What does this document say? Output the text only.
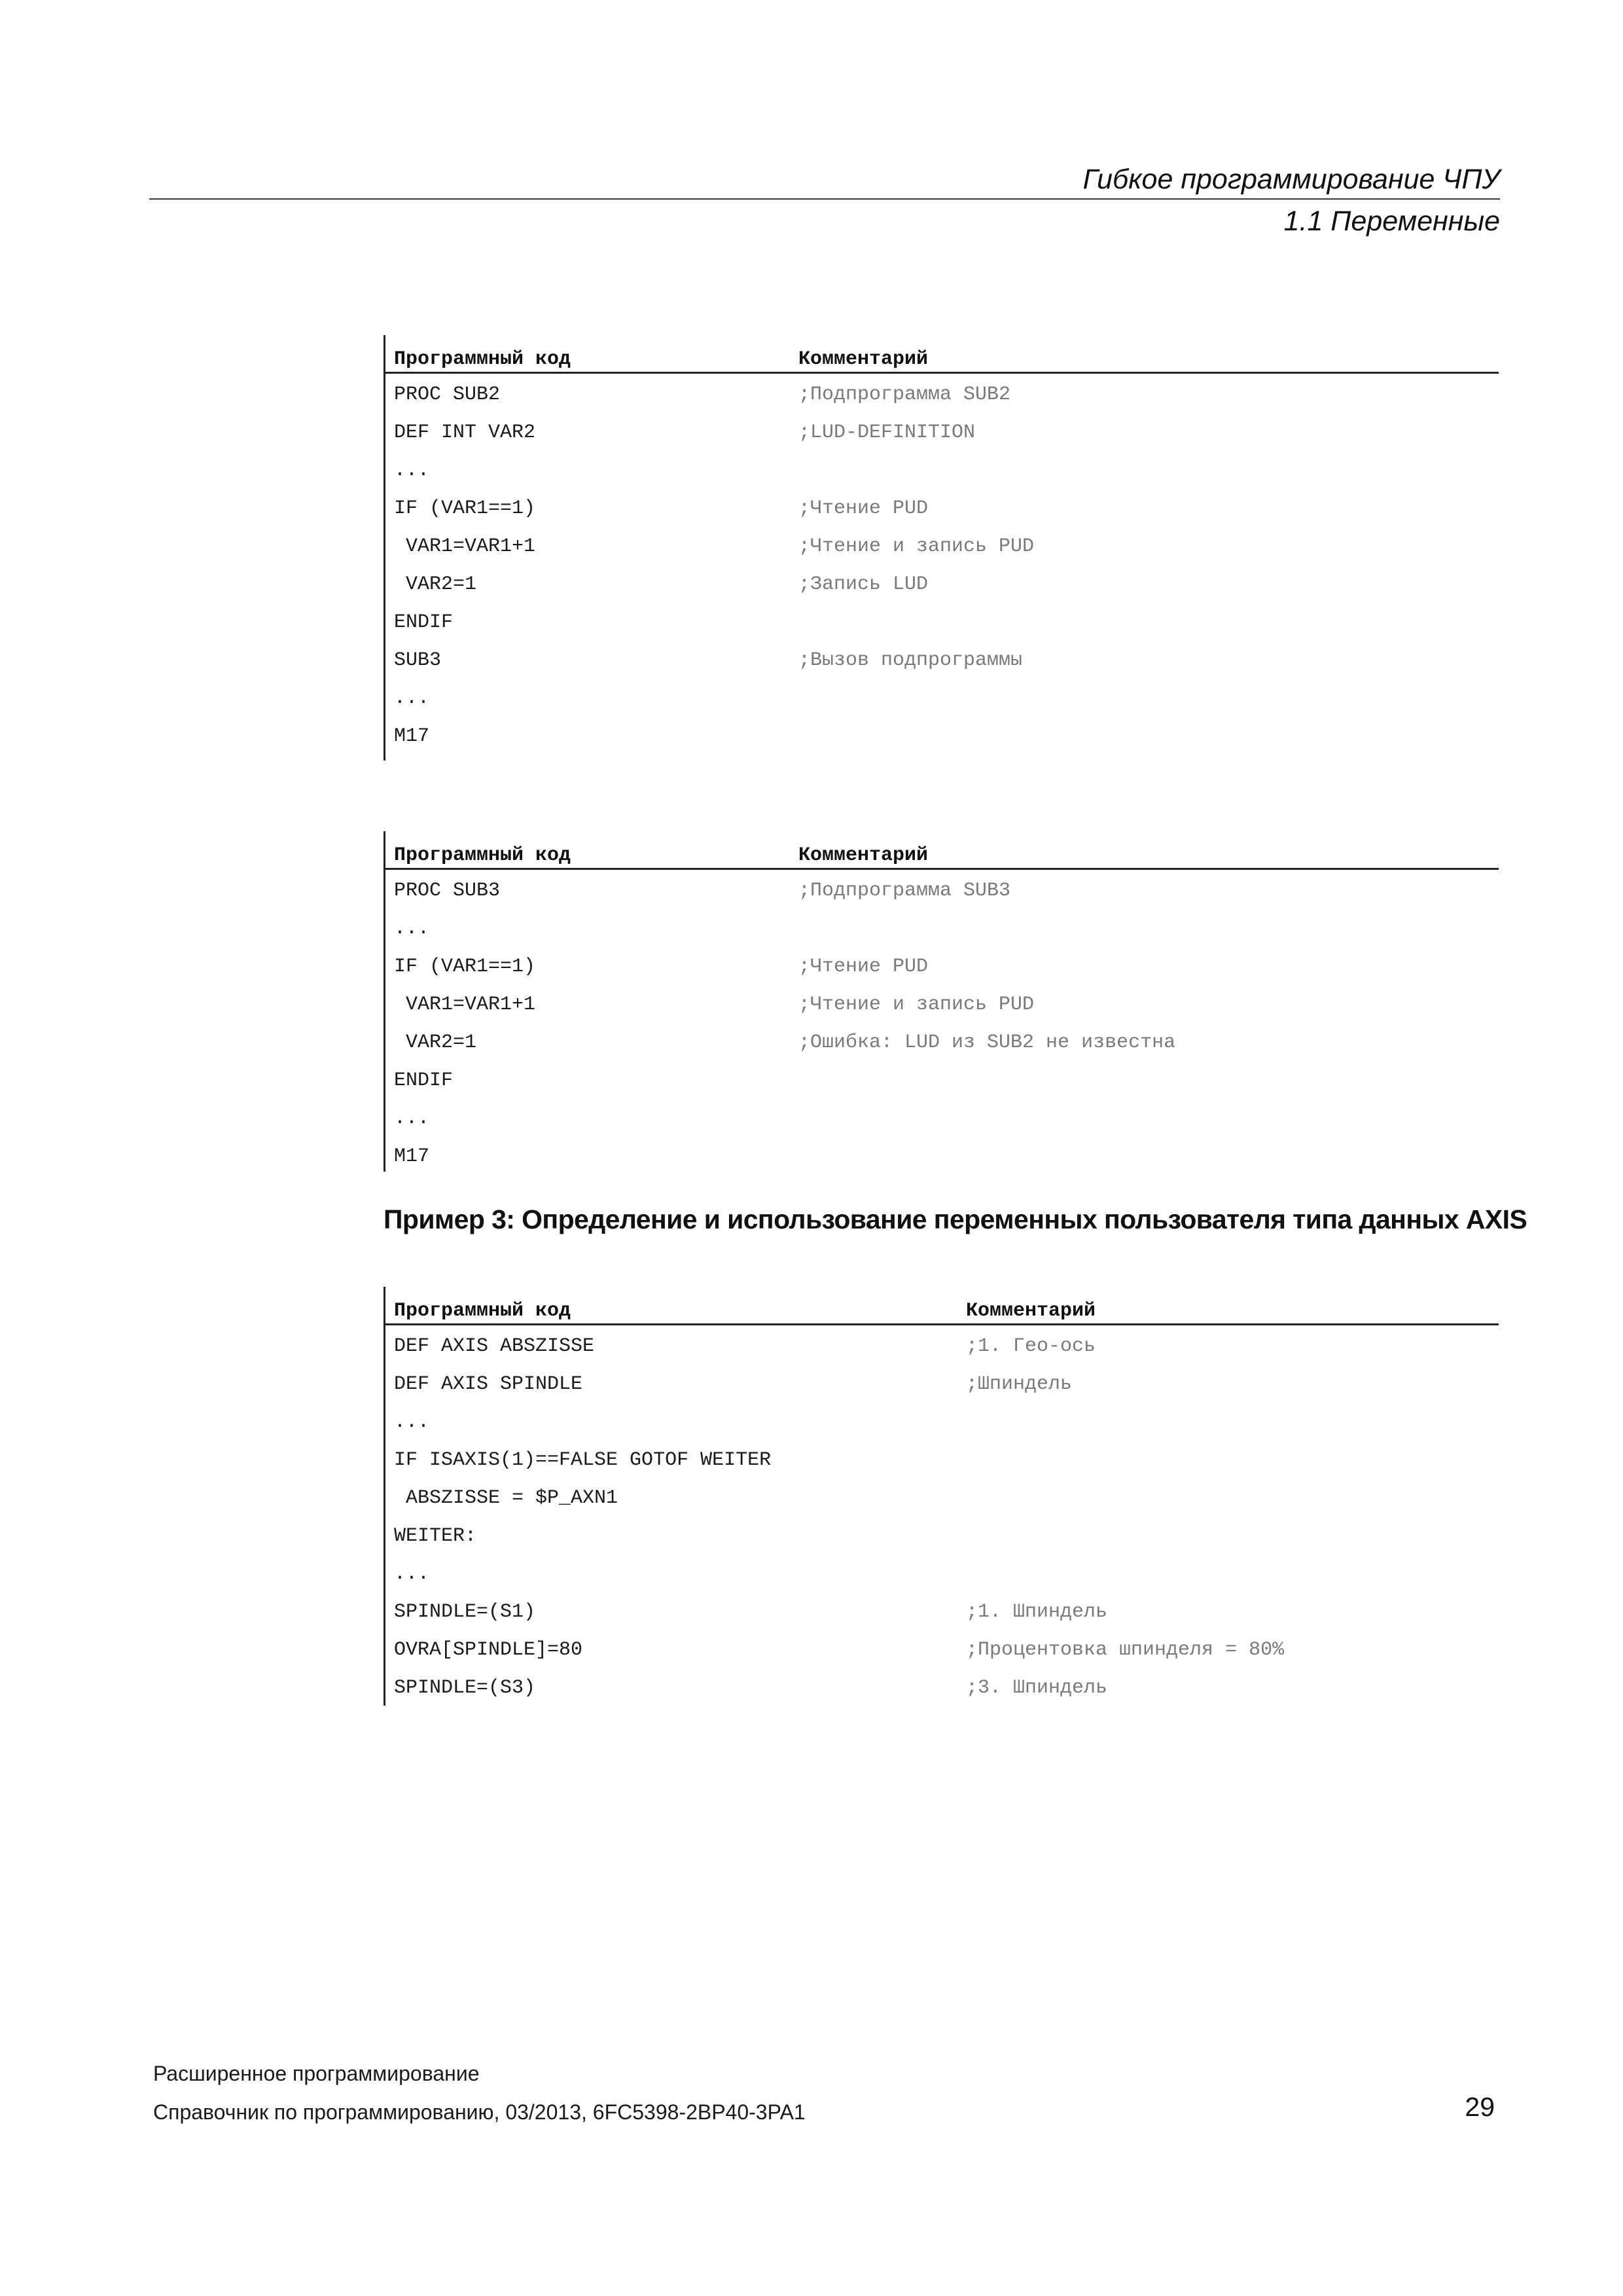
Гибкое программирование ЧПУ
1.1 Переменные
Программный код	Комментарий
PROC SUB2	;Подпрограмма SUB2
DEF INT VAR2	;LUD-DEFINITION
...
IF (VAR1==1)	;Чтение PUD
VAR1=VAR1+1	;Чтение и запись PUD
VAR2=1	;Запись LUD
ENDIF
SUB3	;Вызов подпрограммы
...
M17
Программный код	Комментарий
PROC SUB3	;Подпрограмма SUB3
...
IF (VAR1==1)	;Чтение PUD
VAR1=VAR1+1	;Чтение и запись PUD
VAR2=1	;Ошибка: LUD из SUB2 не известна
ENDIF
...
M17
Пример 3: Определение и использование переменных пользователя типа данных AXIS
Программный код	Комментарий
DEF AXIS ABSZISSE	;1. Гео-ось
DEF AXIS SPINDLE	;Шпиндель
...
IF ISAXIS(1)==FALSE GOTOF WEITER
ABSZISSE = $P_AXN1
WEITER:
...
SPINDLE=(S1)	;1. Шпиндель
OVRA[SPINDLE]=80	;Процентовка шпинделя = 80%
SPINDLE=(S3)	;3. Шпиндель
Расширенное программирование
Справочник по программированию, 03/2013, 6FC5398-2BP40-3PA1	29
